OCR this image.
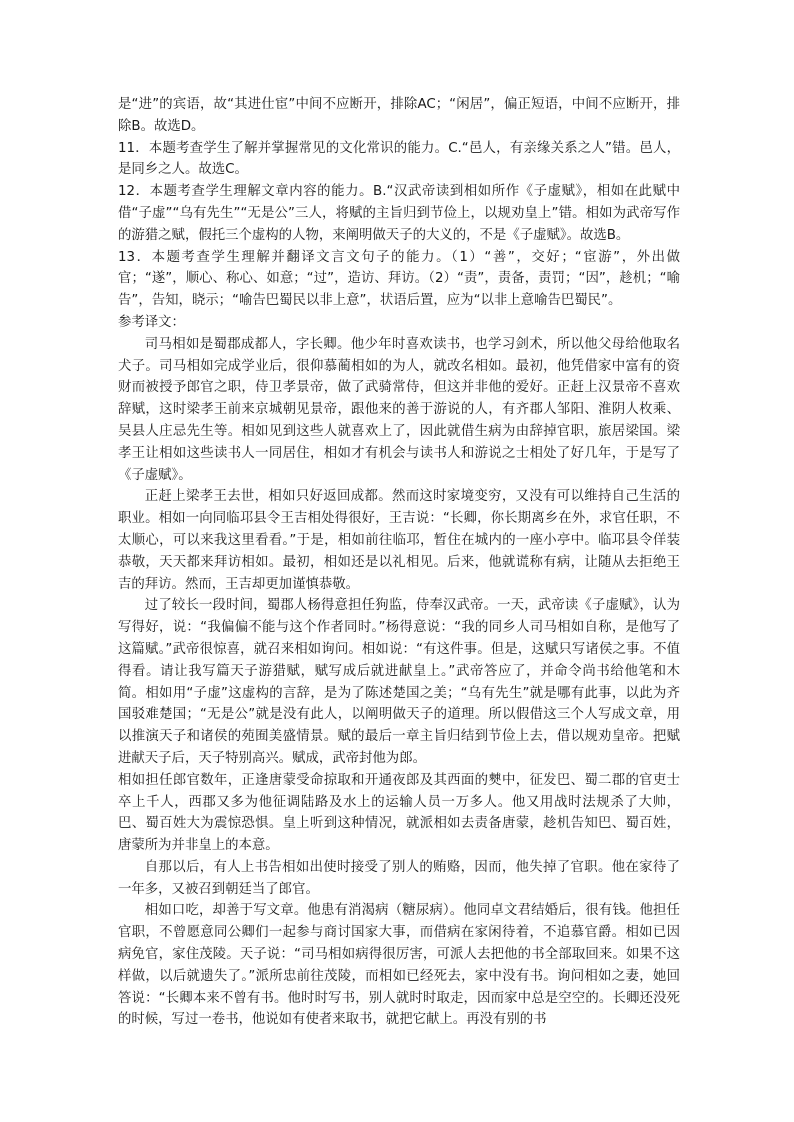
是“进”的宾语，故“其进仕宦”中间不应断开，排除AC；“闲居”，偏正短语，中间不应断开，排除B。故选D。

11．本题考查学生了解并掌握常见的文化常识的能力。C.“邑人，有亲缘关系之人”错。邑人，是同乡之人。故选C。

12．本题考查学生理解文章内容的能力。B.“汉武帝读到相如所作《子虚赋》，相如在此赋中借“子虚”“乌有先生”“无是公”三人，将赋的主旨归到节俭上，以规劝皇上”错。相如为武帝写作的游猎之赋，假托三个虚构的人物，来阐明做天子的大义的，不是《子虚赋》。故选B。

13．本题考查学生理解并翻译文言文句子的能力。（1）“善”，交好；“宦游”，外出做官；“遂”，顺心、称心、如意；“过”，造访、拜访。（2）“责”，责备，责罚；“因”，趁机；“喻告”，告知，晓示；“喻告巴蜀民以非上意”，状语后置，应为“以非上意喻告巴蜀民”。

参考译文：

司马相如是蜀郡成都人，字长卿。他少年时喜欢读书，也学习剑术，所以他父母给他取名犬子。司马相如完成学业后，很仰慕蔺相如的为人，就改名相如。最初，他凭借家中富有的资财而被授予郎官之职，侍卫孝景帝，做了武骑常侍，但这并非他的爱好。正赶上汉景帝不喜欢辞赋，这时梁孝王前来京城朝见景帝，跟他来的善于游说的人，有齐郡人邹阳、淮阴人枚乘、吴县人庄忌先生等。相如见到这些人就喜欢上了，因此就借生病为由辞掉官职，旅居梁国。梁孝王让相如这些读书人一同居住，相如才有机会与读书人和游说之士相处了好几年，于是写了《子虚赋》。

正赶上梁孝王去世，相如只好返回成都。然而这时家境变穷，又没有可以维持自己生活的职业。相如一向同临邛县令王吉相处得很好，王吉说：“长卿，你长期离乡在外，求官任职，不太顺心，可以来我这里看看。”于是，相如前往临邛，暂住在城内的一座小亭中。临邛县令佯装恭敬，天天都来拜访相如。最初，相如还是以礼相见。后来，他就谎称有病，让随从去拒绝王吉的拜访。然而，王吉却更加谨慎恭敬。

过了较长一段时间，蜀郡人杨得意担任狗监，侍奉汉武帝。一天，武帝读《子虚赋》，认为写得好，说：“我偏偏不能与这个作者同时。”杨得意说：“我的同乡人司马相如自称，是他写了这篇赋。”武帝很惊喜，就召来相如询问。相如说：“有这件事。但是，这赋只写诸侯之事。不值得看。请让我写篇天子游猎赋，赋写成后就进献皇上。”武帝答应了，并命令尚书给他笔和木简。相如用“子虚”这虚构的言辞，是为了陈述楚国之美；“乌有先生”就是哪有此事，以此为齐国驳难楚国；“无是公”就是没有此人，以阐明做天子的道理。所以假借这三个人写成文章，用以推演天子和诸侯的苑囿美盛情景。赋的最后一章主旨归结到节俭上去，借以规劝皇帝。把赋进献天子后，天子特别高兴。赋成，武帝封他为郎。

相如担任郎官数年，正逢唐蒙受命掠取和开通夜郎及其西面的僰中，征发巴、蜀二郡的官吏士卒上千人，西郡又多为他征调陆路及水上的运输人员一万多人。他又用战时法规杀了大帅，巴、蜀百姓大为震惊恐惧。皇上听到这种情况，就派相如去责备唐蒙，趁机告知巴、蜀百姓，唐蒙所为并非皇上的本意。

自那以后，有人上书告相如出使时接受了别人的贿赂，因而，他失掉了官职。他在家待了一年多，又被召到朝廷当了郎官。

相如口吃，却善于写文章。他患有消渴病（糖尿病）。他同卓文君结婚后，很有钱。他担任官职，不曾愿意同公卿们一起参与商讨国家大事，而借病在家闲待着，不追慕官爵。相如已因病免官，家住茂陵。天子说：“司马相如病得很厉害，可派人去把他的书全部取回来。如果不这样做，以后就遗失了。”派所忠前往茂陵，而相如已经死去，家中没有书。询问相如之妻，她回答说：“长卿本来不曾有书。他时时写书，别人就时时取走，因而家中总是空空的。长卿还没死的时候，写过一卷书，他说如有使者来取书，就把它献上。再没有别的书
